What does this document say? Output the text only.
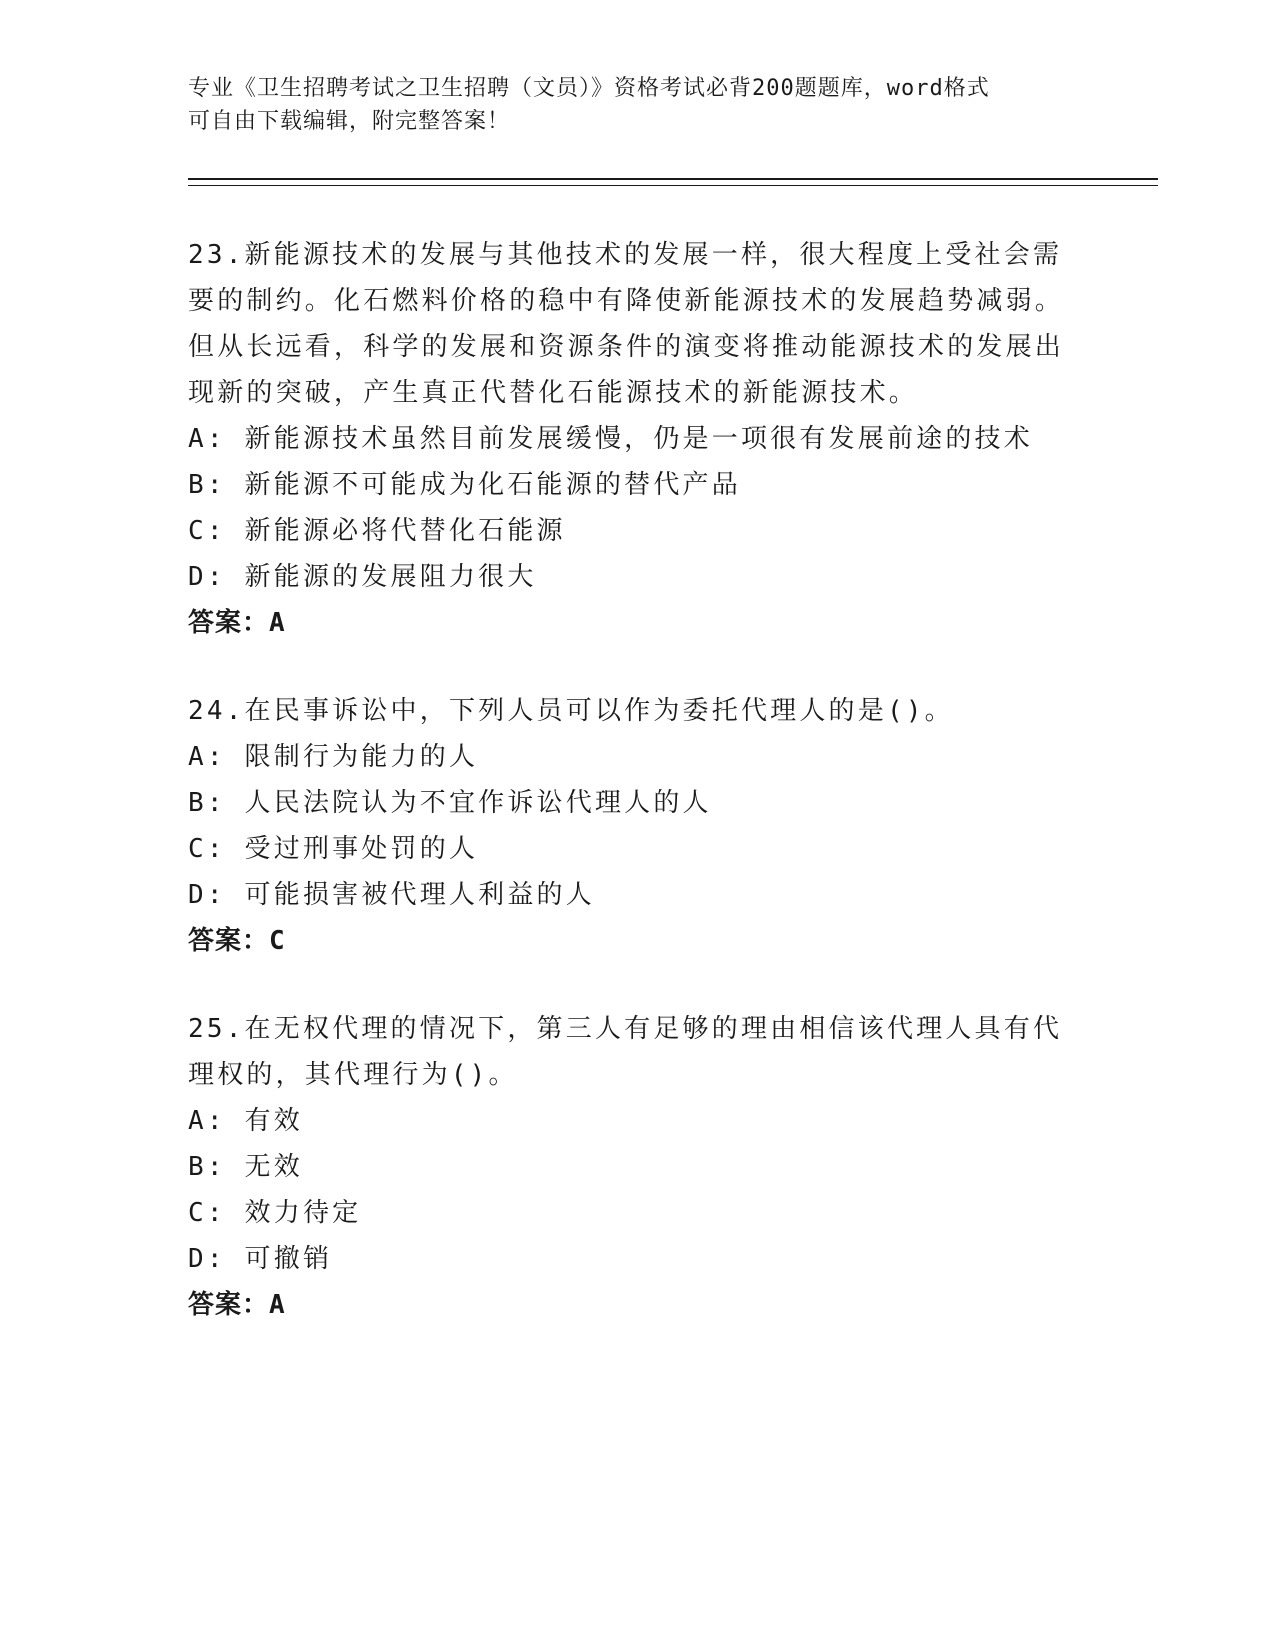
专业《卫生招聘考试之卫生招聘（文员）》资格考试必背200题题库，word格式
可自由下载编辑，附完整答案！

23.新能源技术的发展与其他技术的发展一样，很大程度上受社会需要的制约。化石燃料价格的稳中有降使新能源技术的发展趋势减弱。但从长远看，科学的发展和资源条件的演变将推动能源技术的发展出现新的突破，产生真正代替化石能源技术的新能源技术。

A: 新能源技术虽然目前发展缓慢，仍是一项很有发展前途的技术

B: 新能源不可能成为化石能源的替代产品

C: 新能源必将代替化石能源

D: 新能源的发展阻力很大

答案：A

24.在民事诉讼中，下列人员可以作为委托代理人的是()。

A: 限制行为能力的人

B: 人民法院认为不宜作诉讼代理人的人

C: 受过刑事处罚的人

D: 可能损害被代理人利益的人

答案：C

25.在无权代理的情况下，第三人有足够的理由相信该代理人具有代理权的，其代理行为()。

A: 有效

B: 无效

C: 效力待定

D: 可撤销

答案：A
